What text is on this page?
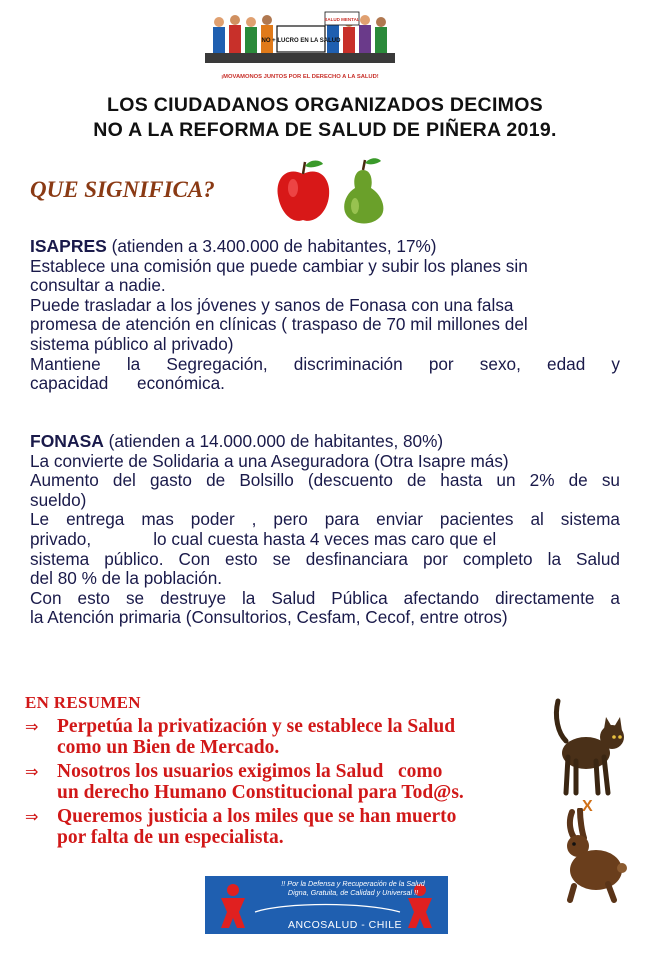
NO + LUCRO EN LA SALUD
SALUD MENTAL
¡MOVAMONOS JUNTOS POR EL DERECHO A LA SALUD!
LOS CIUDADANOS ORGANIZADOS DECIMOS
NO A LA REFORMA DE SALUD DE PIÑERA 2019.
QUE SIGNIFICA?

ISAPRES (atienden a 3.400.000 de habitantes, 17%)

Establece una comisión que puede cambiar y subir los planes sin

consultar a nadie.

Puede trasladar a los jóvenes y sanos de Fonasa con una falsa

promesa de atención en clínicas ( traspaso de 70 mil millones del

sistema público al privado)

Mantiene la Segregación, discriminación por sexo, edad y

capacidad      económica.

FONASA (atienden a 14.000.000 de habitantes, 80%)

La convierte de Solidaria a una Aseguradora (Otra Isapre más)

Aumento del gasto de Bolsillo (descuento de hasta un 2% de su

sueldo)

Le entrega mas poder , pero para enviar pacientes al sistema

privado,             lo cual cuesta hasta 4 veces mas caro que el

sistema público. Con esto se desfinanciara por completo la Salud

del 80 % de la población.

Con esto se destruye la Salud Pública afectando directamente a

la Atención primaria (Consultorios, Cesfam, Cecof, entre otros)

EN RESUMEN
⇒ Perpetúa la privatización y se establece la Salud
como un Bien de Mercado.
⇒ Nosotros los usuarios exigimos la Salud   como
un derecho Humano Constitucional para Tod@s.
⇒ Queremos justicia a los miles que se han muerto
por falta de un especialista.
X
!! Por la Defensa y Recuperación de la Salud
Digna, Gratuita, de Calidad y Universal !!
ANCOSALUD - CHILE
